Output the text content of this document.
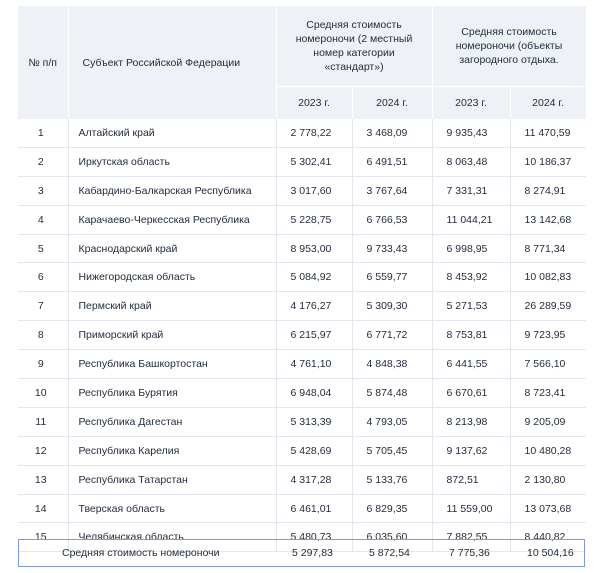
№ п/п	Субъект Российской Федерации	Средняя стоимость номероночи (2 местный номер категории «стандарт»)		Средняя стоимость номероночи (объекты загородного отдыха.	
		2023 г.	2024 г.	2023 г.	2024 г.
1	Алтайский край	2 778,22	3 468,09	9 935,43	11 470,59
2	Иркутская область	5 302,41	6 491,51	8 063,48	10 186,37
3	Кабардино-Балкарская Республика	3 017,60	3 767,64	7 331,31	8 274,91
4	Карачаево-Черкесская Республика	5 228,75	6 766,53	11 044,21	13 142,68
5	Краснодарский край	8 953,00	9 733,43	6 998,95	8 771,34
6	Нижегородская область	5 084,92	6 559,77	8 453,92	10 082,83
7	Пермский край	4 176,27	5 309,30	5 271,53	26 289,59
8	Приморский край	6 215,97	6 771,72	8 753,81	9 723,95
9	Республика Башкортостан	4 761,10	4 848,38	6 441,55	7 566,10
10	Республика Бурятия	6 948,04	5 874,48	6 670,61	8 723,41
11	Республика Дагестан	5 313,39	4 793,05	8 213,98	9 205,09
12	Республика Карелия	5 428,69	5 705,45	9 137,62	10 480,28
13	Республика Татарстан	4 317,28	5 133,76	872,51	2 130,80
14	Тверская область	6 461,01	6 829,35	11 559,00	13 073,68
15	Челябинская область	5 480,73	6 035,60	7 882,55	8 440,82
Средняя стоимость номероночи	5 297,83	5 872,54	7 775,36	10 504,16
